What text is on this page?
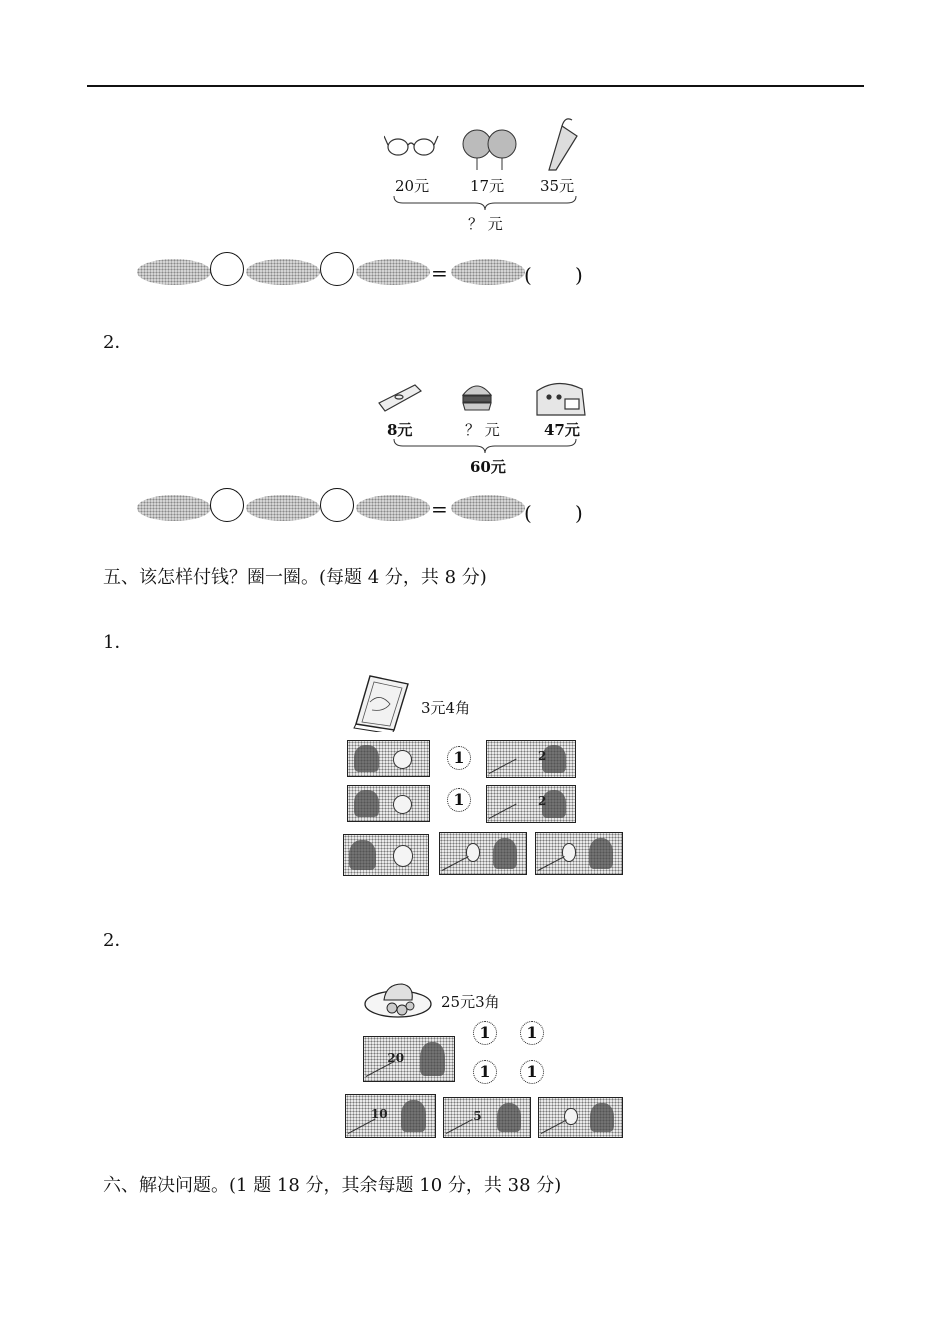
20元	17元 35元
？ 元
=	( )
2．
8元	？ 元	47元
60元
=	( )
五、该怎样付钱？圈一圈。(每题 4 分，共 8 分)
1．
3元4角
1	2
1	2
2．
25元3角
1	1
20
1	1
10	5
六、解决问题。(1 题 18 分，其余每题 10 分，共 38 分)
